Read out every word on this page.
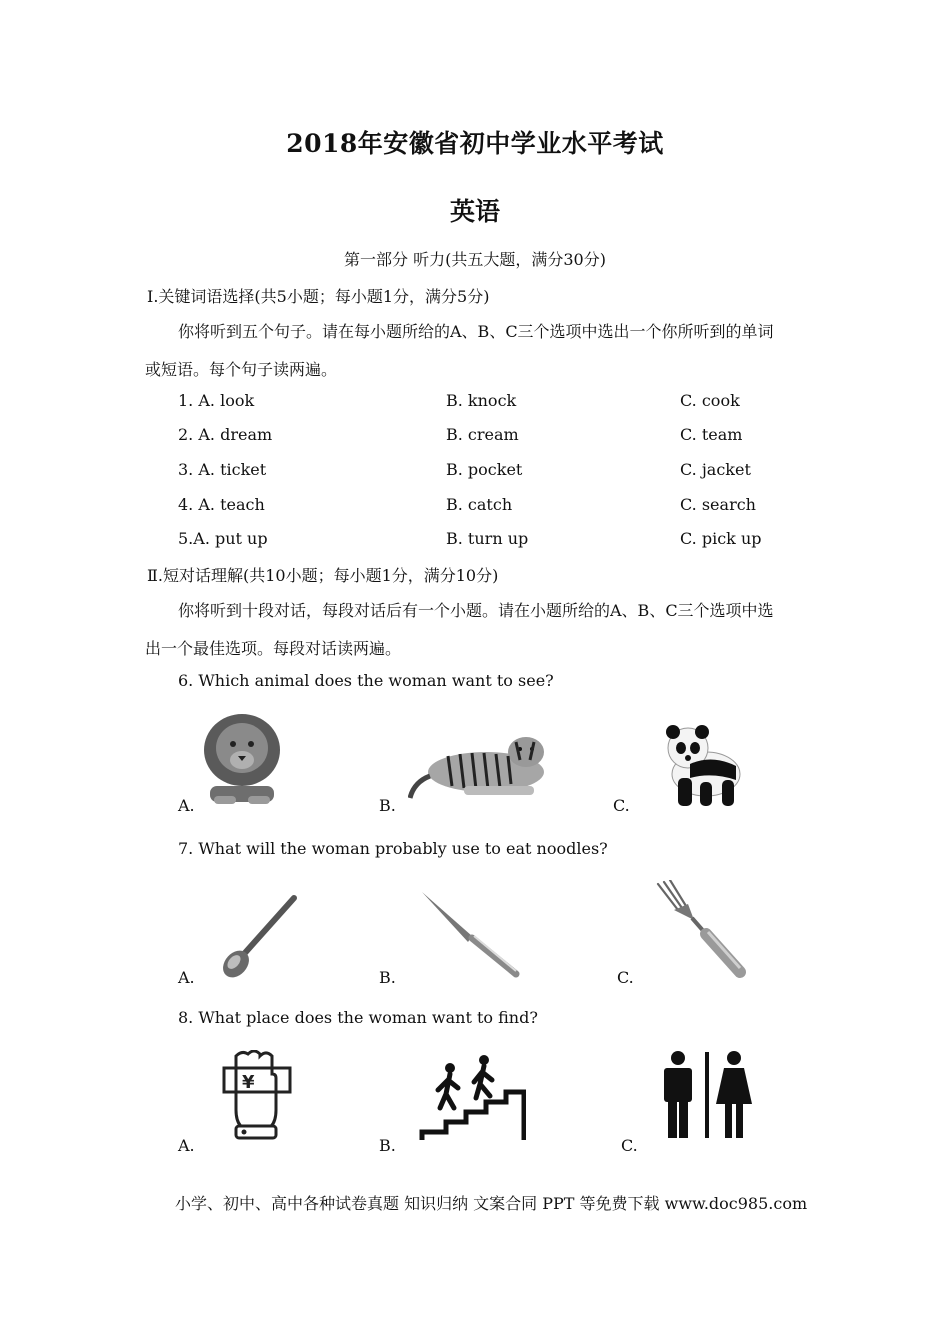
2018年安徽省初中学业水平考试
英语
第一部分 听力(共五大题，满分30分)
Ⅰ.关键词语选择(共5小题；每小题1分，满分5分)
你将听到五个句子。请在每小题所给的A、B、C三个选项中选出一个你所听到的单词
或短语。每个句子读两遍。
1. A. look	B. knock	C. cook
2. A. dream	B. cream	C. team
3. A. ticket	B. pocket	C. jacket
4. A. teach	B. catch	C. search
5.A. put up	B. turn up	C. pick up
Ⅱ.短对话理解(共10小题；每小题1分，满分10分)
你将听到十段对话，每段对话后有一个小题。请在小题所给的A、B、C三个选项中选
出一个最佳选项。每段对话读两遍。
6. Which animal does the woman want to see?
A.	B.	C.
7. What will the woman probably use to eat noodles?
A.	B.	C.
8. What place does the woman want to find?
¥
A.	B.	C.
小学、初中、高中各种试卷真题 知识归纳 文案合同 PPT 等免费下载 www.doc985.com
